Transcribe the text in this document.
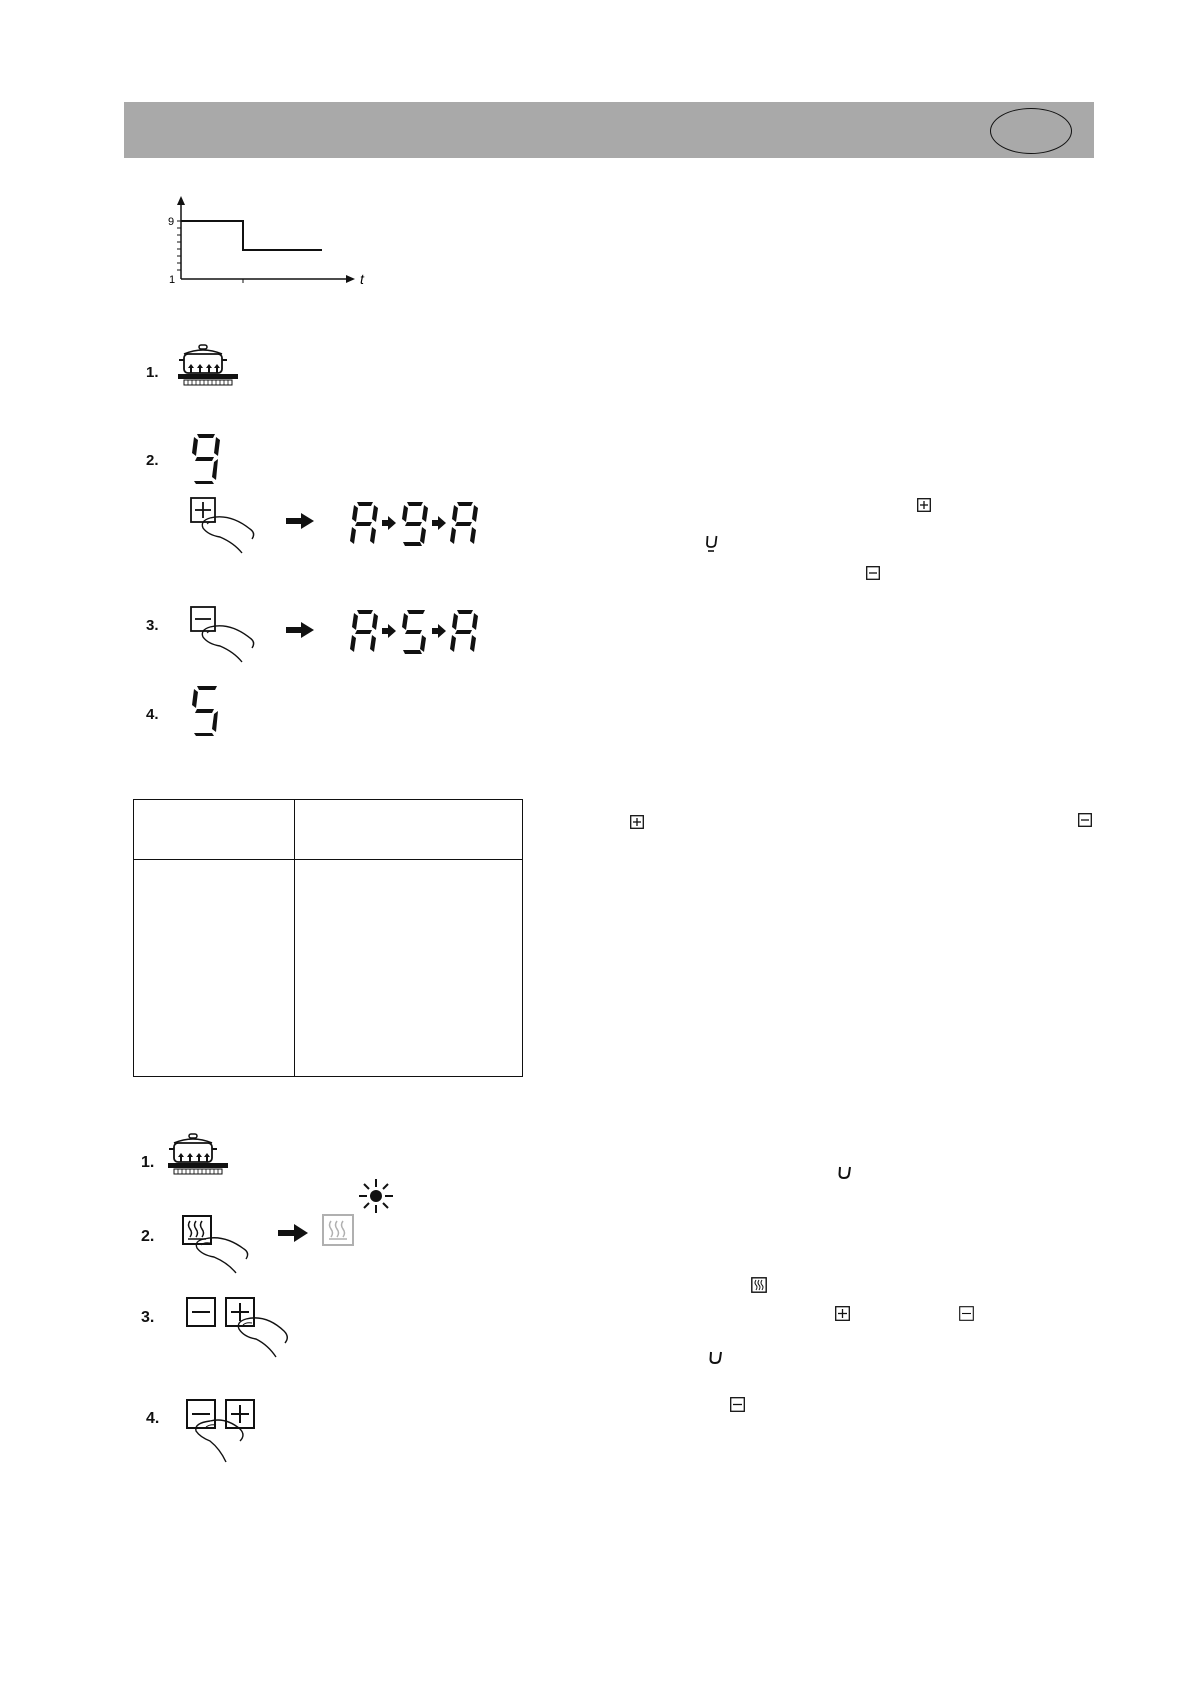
9
1	t
1.
2.
3.
4.

1.
2.
3.
4.
